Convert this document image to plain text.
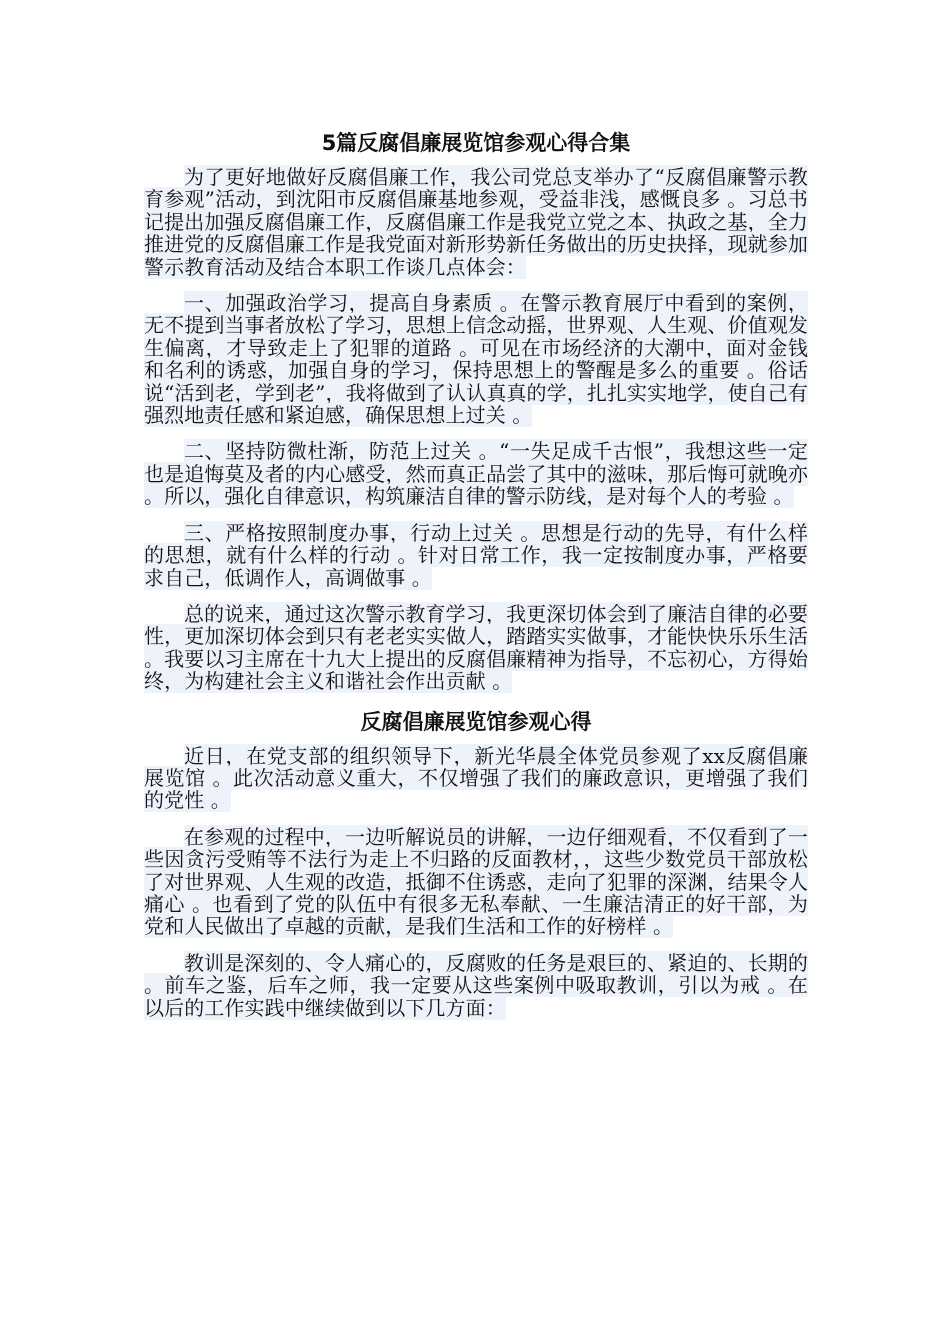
5篇反腐倡廉展览馆参观心得合集

为了更好地做好反腐倡廉工作，我公司党总支举办了“反腐倡廉警示教育参观”活动，到沈阳市反腐倡廉基地参观，受益非浅，感慨良多 。习总书记提出加强反腐倡廉工作，反腐倡廉工作是我党立党之本、执政之基，全力推进党的反腐倡廉工作是我党面对新形势新任务做出的历史抉择，现就参加警示教育活动及结合本职工作谈几点体会：

一、加强政治学习，提高自身素质 。在警示教育展厅中看到的案例，无不提到当事者放松了学习，思想上信念动摇，世界观、人生观、价值观发生偏离，才导致走上了犯罪的道路 。可见在市场经济的大潮中，面对金钱和名利的诱惑，加强自身的学习，保持思想上的警醒是多么的重要 。俗话说“活到老，学到老”，我将做到了认认真真的学，扎扎实实地学，使自己有强烈地责任感和紧迫感，确保思想上过关 。

二、坚持防微杜渐，防范上过关 。“一失足成千古恨”，我想这些一定也是追悔莫及者的内心感受，然而真正品尝了其中的滋味，那后悔可就晚亦 。所以，强化自律意识，构筑廉洁自律的警示防线，是对每个人的考验 。

三、严格按照制度办事，行动上过关 。思想是行动的先导，有什么样的思想，就有什么样的行动 。针对日常工作，我一定按制度办事，严格要求自己，低调作人，高调做事 。

总的说来，通过这次警示教育学习，我更深切体会到了廉洁自律的必要性，更加深切体会到只有老老实实做人，踏踏实实做事，才能快快乐乐生活 。我要以习主席在十九大上提出的反腐倡廉精神为指导，不忘初心，方得始终，为构建社会主义和谐社会作出贡献 。

反腐倡廉展览馆参观心得

近日，在党支部的组织领导下，新光华晨全体党员参观了xx反腐倡廉展览馆 。此次活动意义重大，不仅增强了我们的廉政意识，更增强了我们的党性 。

在参观的过程中，一边听解说员的讲解，一边仔细观看，不仅看到了一些因贪污受贿等不法行为走上不归路的反面教材，，这些少数党员干部放松了对世界观、人生观的改造，抵御不住诱惑，走向了犯罪的深渊，结果令人痛心 。也看到了党的队伍中有很多无私奉献、一生廉洁清正的好干部，为党和人民做出了卓越的贡献，是我们生活和工作的好榜样 。

教训是深刻的、令人痛心的，反腐败的任务是艰巨的、紧迫的、长期的 。前车之鉴，后车之师，我一定要从这些案例中吸取教训，引以为戒 。在以后的工作实践中继续做到以下几方面：
